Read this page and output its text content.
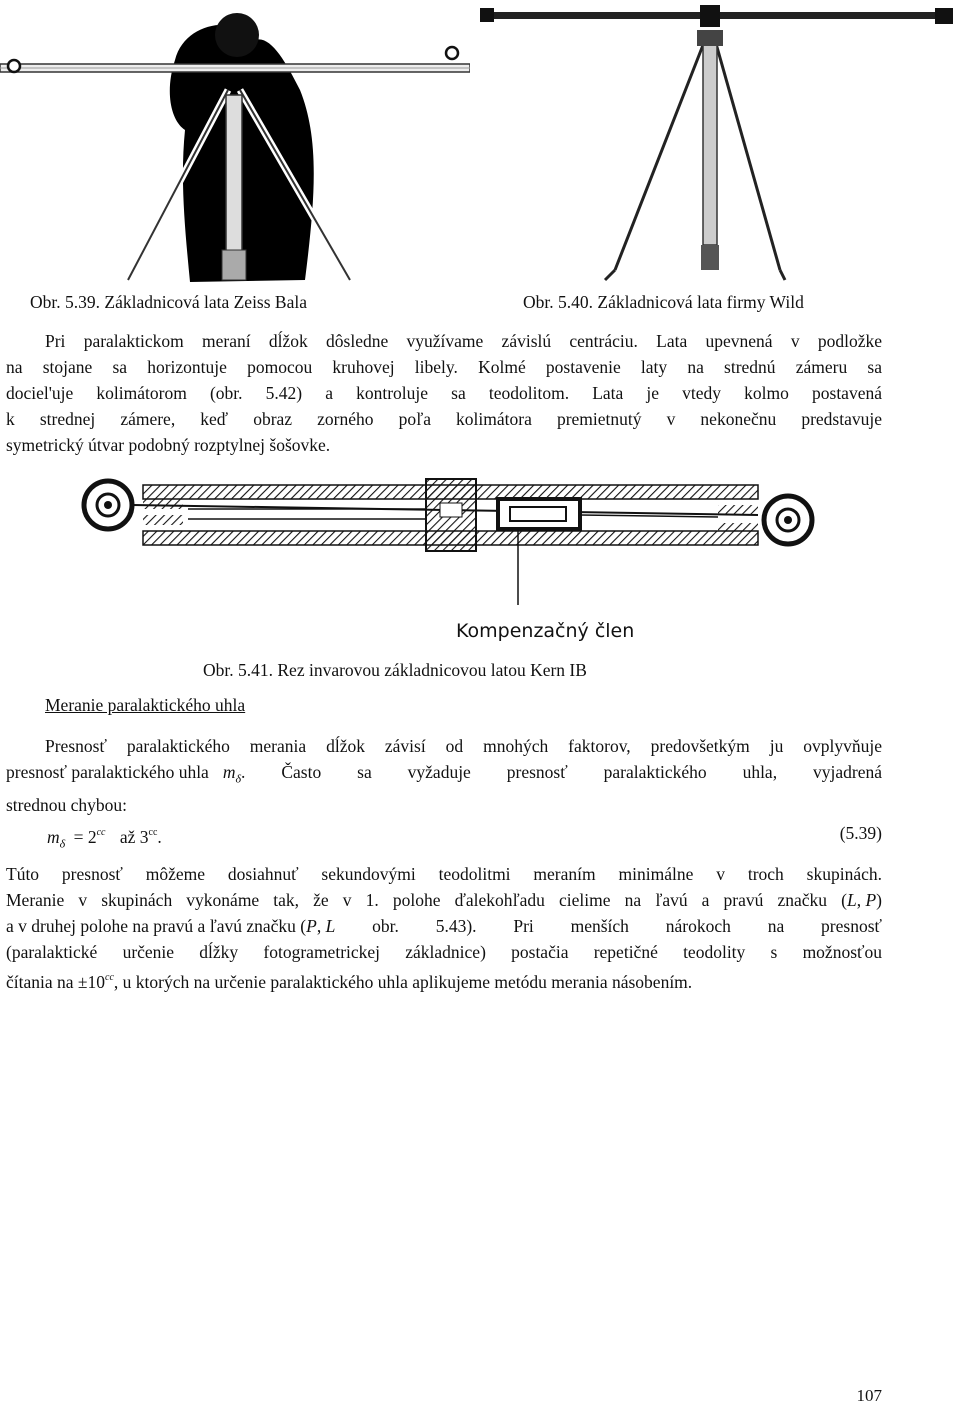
Obr. 5.39. Základnicová lata Zeiss Bala	Obr. 5.40. Základnicová lata firmy Wild
Pri paralaktickom meraní dĺžok dôsledne využívame závislú centráciu. Lata upevnená v podložke
na stojane sa horizontuje pomocou kruhovej libely. Kolmé postavenie laty na strednú zámeru sa
dociel'uje kolimátorom (obr. 5.42) a kontroluje sa teodolitom. Lata je vtedy kolmo postavená
k strednej zámere, keď obraz zorného poľa kolimátora premietnutý v nekonečnu predstavuje
symetrický útvar podobný rozptylnej šošovke.
Kompenzačný člen
Obr. 5.41. Rez invarovou základnicovou latou Kern IB
Meranie paralaktického uhla
Presnosť paralaktického merania dĺžok závisí od mnohých faktorov, predovšetkým ju ovplyvňuje
presnosť paralaktického uhla $m_\delta$ . Často sa vyžaduje presnosť paralaktického uhla, vyjadrená
strednou chybou:
$m_\delta = 2^{cc}$ až $3^{cc}$.	(5.39)
Túto presnosť môžeme dosiahnuť sekundovými teodolitmi meraním minimálne v troch skupinách.
Meranie v skupinách vykonáme tak, že v 1. polohe ďalekohľadu cielime na ľavú a pravú značku ( L , P )
a v druhej polohe na pravú a ľavú značku ( P , L obr. 5.43). Pri menších nárokoch na presnosť
(paralaktické určenie dĺžky fotogrametrickej základnice) postačia repetičné teodolity s možnosťou
čítania na $\pm 10^{cc}$, u ktorých na určenie paralaktického uhla aplikujeme metódu merania násobením.
107
